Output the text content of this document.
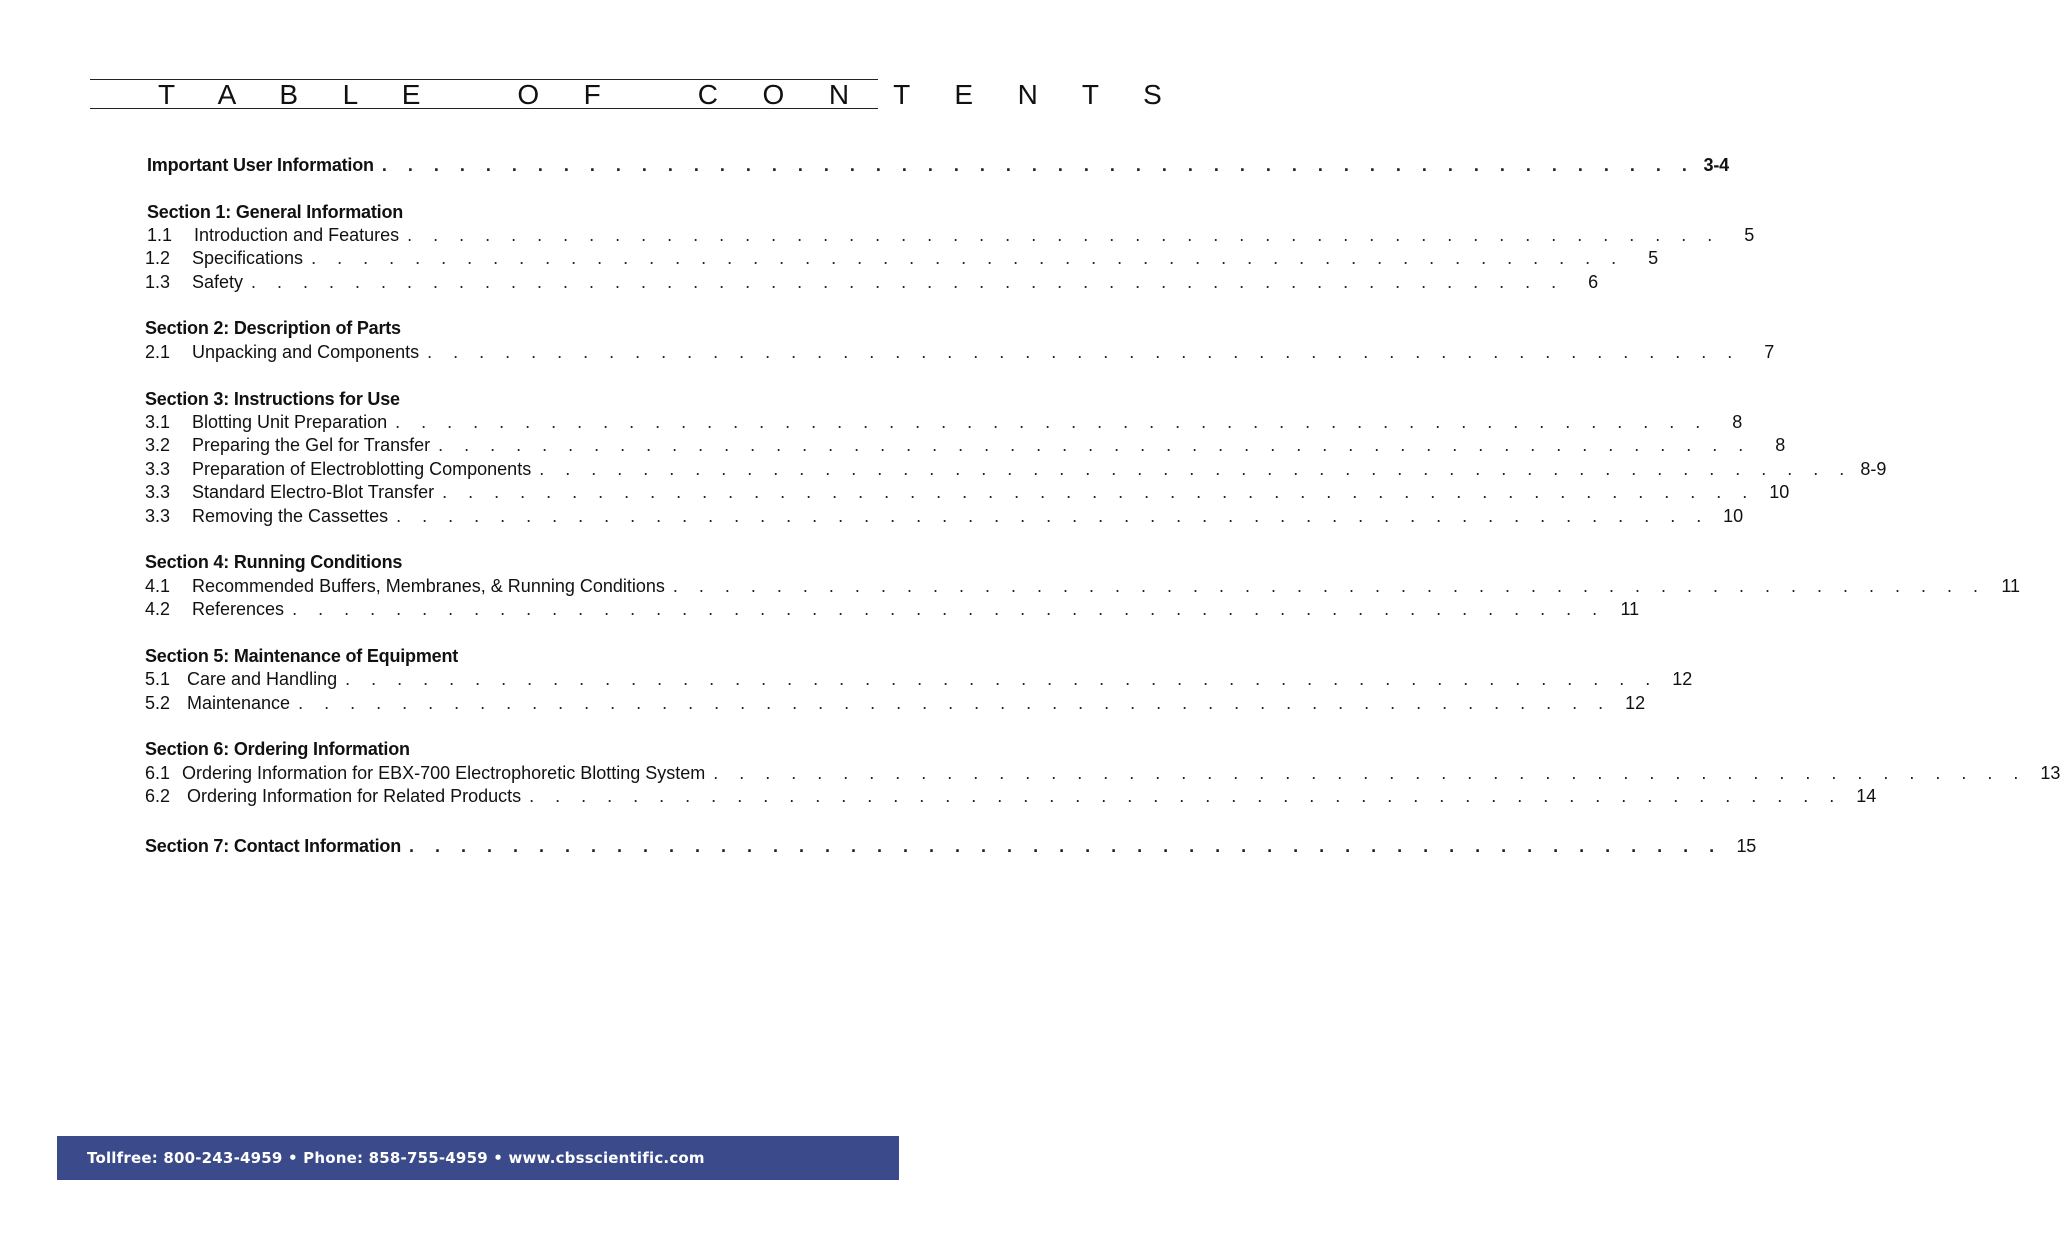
T A B L E   O F   C O N T E N T S
Important User Information . . .	3-4
Section 1: General Information
1.1	Introduction and Features . . .	5
1.2	Specifications . . .	5
1.3	Safety . . .	6
Section 2: Description of Parts
2.1	Unpacking and Components . . .	7
Section 3: Instructions for Use
3.1	Blotting Unit Preparation . . .	8
3.2	Preparing the Gel for Transfer . . .	8
3.3	Preparation of Electroblotting Components . . .	8-9
3.3	Standard Electro-Blot Transfer . . .	10
3.3	Removing the Cassettes . . .	10
Section 4: Running Conditions
4.1	Recommended Buffers, Membranes, & Running Conditions . . .	11
4.2	References . . .	11
Section 5: Maintenance of Equipment
5.1 Care and Handling . . .	12
5.2 Maintenance . . .	12
Section 6: Ordering Information
6.1 Ordering Information for EBX-700 Electrophoretic Blotting System . . .	13
6.2 Ordering Information for Related Products . . .	14
Section 7: Contact Information . . .	15
Tollfree: 800-243-4959 • Phone: 858-755-4959 • www.cbsscientific.com
